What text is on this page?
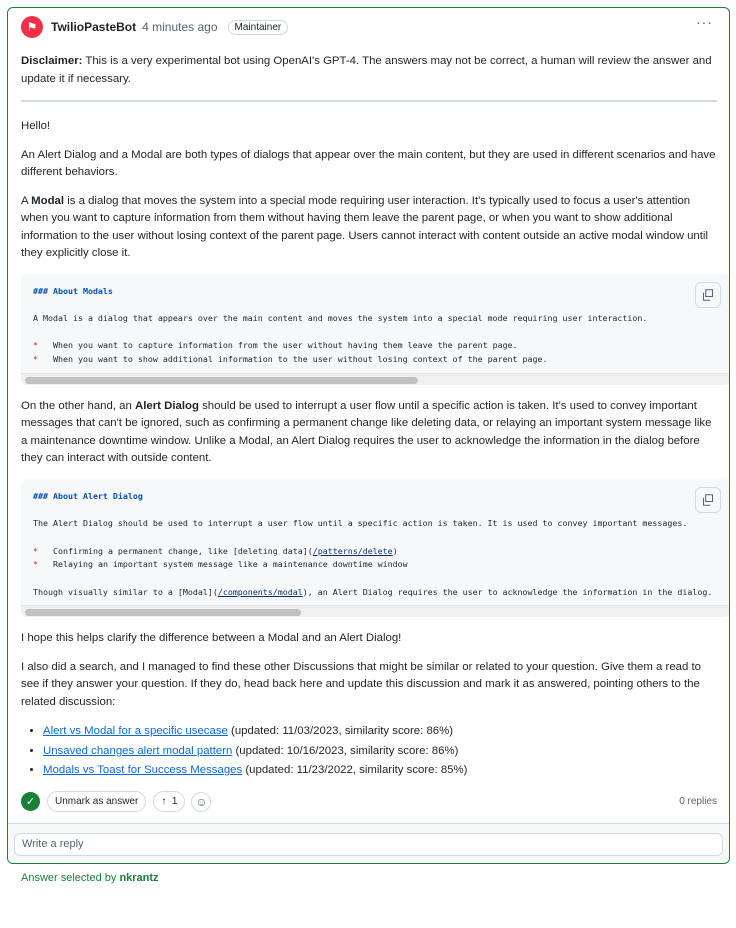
⚑	TwilioPasteBot 4 minutes ago	Maintainer	···

Disclaimer: This is a very experimental bot using OpenAI's GPT-4. The answers may not be correct, a human will review the answer and update it if necessary.

Hello!

An Alert Dialog and a Modal are both types of dialogs that appear over the main content, but they are used in different scenarios and have different behaviors.

A Modal is a dialog that moves the system into a special mode requiring user interaction. It's typically used to focus a user's attention when you want to capture information from them without having them leave the parent page, or when you want to show additional information to the user without losing context of the parent page. Users cannot interact with content outside an active modal window until they explicitly close it.

### About Modals

A Modal is a dialog that appears over the main content and moves the system into a special mode requiring user interaction.

* When you want to capture information from the user without having them leave the parent page.
* When you want to show additional information to the user without losing context of the parent page.

On the other hand, an Alert Dialog should be used to interrupt a user flow until a specific action is taken. It's used to convey important messages that can't be ignored, such as confirming a permanent change like deleting data, or relaying an important system message like a maintenance downtime window. Unlike a Modal, an Alert Dialog requires the user to acknowledge the information in the dialog before they can interact with outside content.

### About Alert Dialog

The Alert Dialog should be used to interrupt a user flow until a specific action is taken. It is used to convey important messages.

* Confirming a permanent change, like [deleting data](/patterns/delete)
* Relaying an important system message like a maintenance downtime window

Though visually similar to a [Modal](/components/modal), an Alert Dialog requires the user to acknowledge the information in the dialog.

I hope this helps clarify the difference between a Modal and an Alert Dialog!

I also did a search, and I managed to find these other Discussions that might be similar or related to your question. Give them a read to see if they answer your question. If they do, head back here and update this discussion and mark it as answered, pointing others to the related discussion:

• Alert vs Modal for a specific usecase (updated: 11/03/2023, similarity score: 86%)
• Unsaved changes alert modal pattern (updated: 10/16/2023, similarity score: 86%)
• Modals vs Toast for Success Messages (updated: 11/23/2022, similarity score: 85%)
✓	Unmark as answer	↑
1	☺	0 replies
Write a reply
Answer selected by nkrantz
